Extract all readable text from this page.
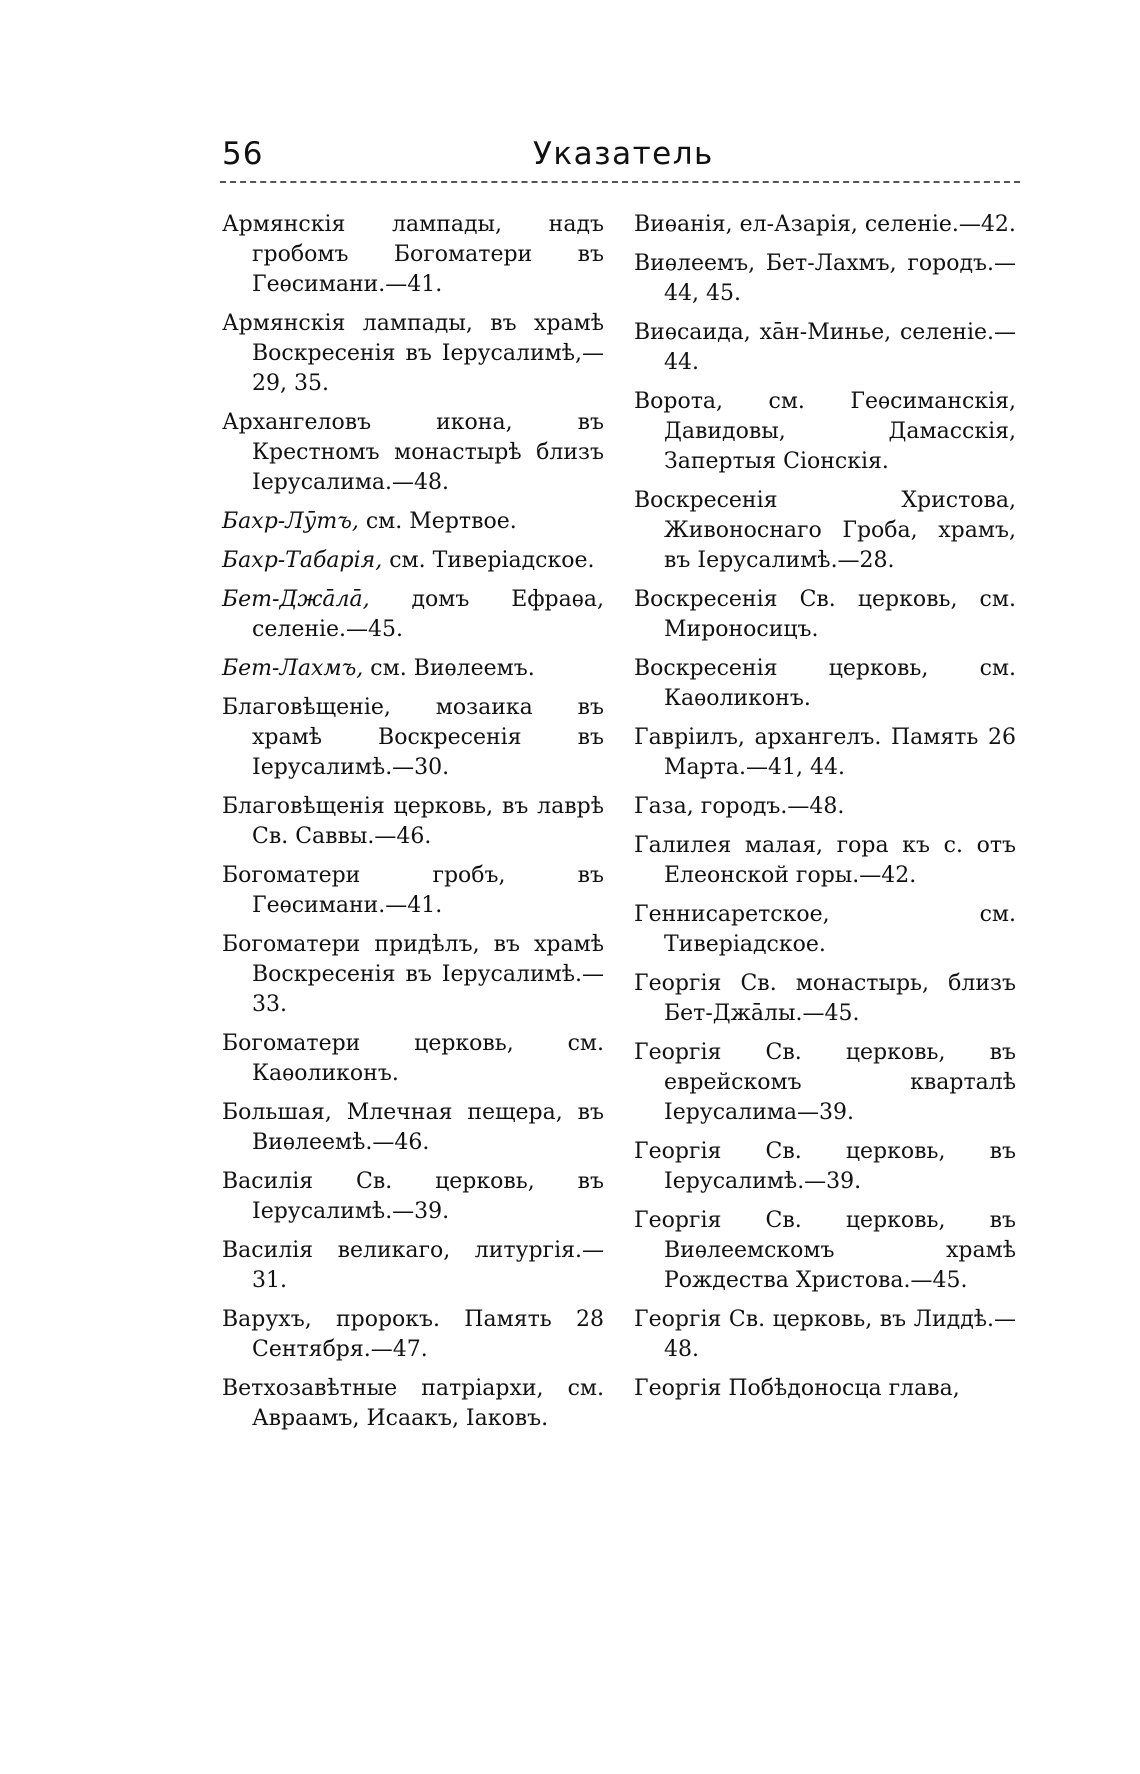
56	Указатель

Армянскія лампады, надъ гробомъ Богоматери въ Геѳсимани.—41.

Армянскія лампады, въ храмѣ Воскресенія въ Іерусалимѣ,—29, 35.

Архангеловъ икона, въ Крестномъ монастырѣ близъ Іерусалима.—48.

Бахр-Лӯтъ, см. Мертвое.

Бахр-Табарія, см. Тиверіадское.

Бет-Джāлā, домъ Ефраѳа, селеніе.—45.

Бет-Лахмъ, см. Виѳлеемъ.

Благовѣщеніе, мозаика въ храмѣ Воскресенія въ Іерусалимѣ.—30.

Благовѣщенія церковь, въ лаврѣ Св. Саввы.—46.

Богоматери гробъ, въ Геѳсимани.—41.

Богоматери придѣлъ, въ храмѣ Воскресенія въ Іерусалимѣ.—33.

Богоматери церковь, см. Каѳоликонъ.

Большая, Млечная пещера, въ Виѳлеемѣ.—46.

Василія Св. церковь, въ Іерусалимѣ.—39.

Василія великаго, литургія.—31.

Варухъ, пророкъ. Память 28 Сентября.—47.

Ветхозавѣтные патріархи, см. Авраамъ, Исаакъ, Іаковъ.

Виѳанія, ел-Азарія, селеніе.—42.

Виѳлеемъ, Бет-Лахмъ, городъ.—44, 45.

Виѳсаида, хāн-Миньe, селеніе.—44.

Ворота, см. Геѳсиманскія, Давидовы, Дамасскія, Запертыя Сіонскія.

Воскресенія Христова, Живоноснаго Гроба, храмъ, въ Іерусалимѣ.—28.

Воскресенія Св. церковь, см. Мироносицъ.

Воскресенія церковь, см. Каѳоликонъ.

Гавріилъ, архангелъ. Память 26 Марта.—41, 44.

Газа, городъ.—48.

Галилея малая, гора къ с. отъ Елеонской горы.—42.

Геннисаретское, см. Тиверіадское.

Георгія Св. монастырь, близъ Бет-Джāлы.—45.

Георгія Св. церковь, въ еврейскомъ кварталѣ Іерусалима—39.

Георгія Св. церковь, въ Іерусалимѣ.—39.

Георгія Св. церковь, въ Виѳлеемскомъ храмѣ Рождества Христова.—45.

Георгія Св. церковь, въ Лиддѣ.—48.

Георгія Побѣдоносца глава,
